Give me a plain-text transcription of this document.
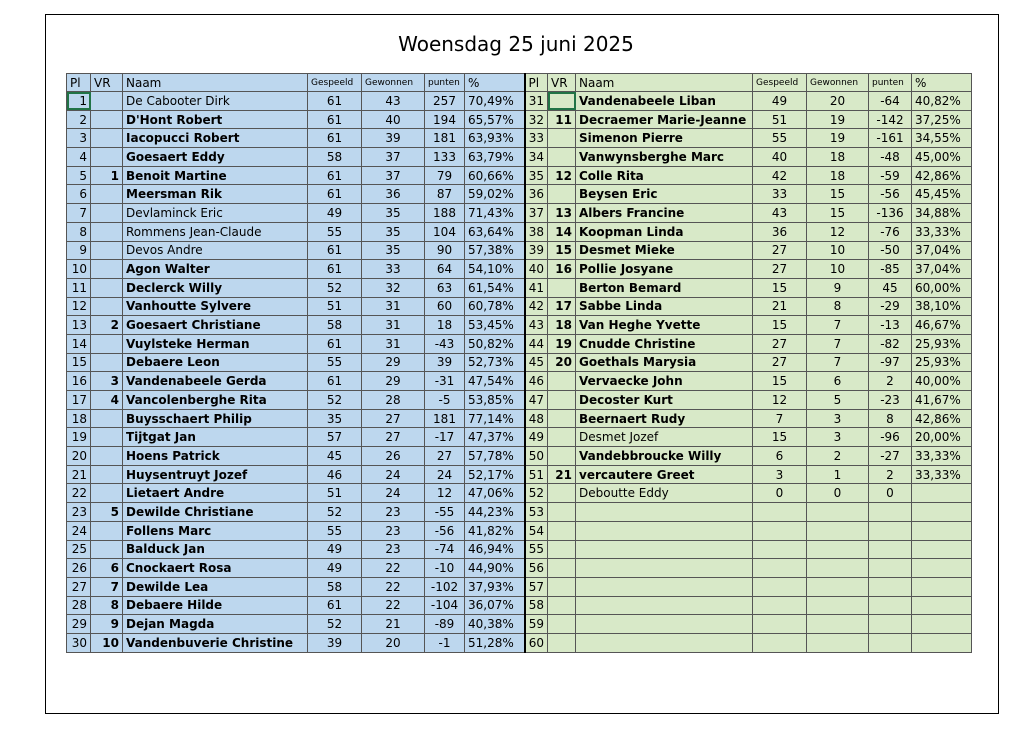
Woensdag 25 juni 2025
Pl	VR	Naam	Gespeeld	Gewonnen	punten	%	Pl	VR	Naam	Gespeeld	Gewonnen	punten	%
1		De Cabooter Dirk	61	43	257	70,49%	31		Vandenabeele Liban	49	20	-64	40,82%
2		D'Hont Robert	61	40	194	65,57%	32	11	Decraemer Marie-Jeanne	51	19	-142	37,25%
3		Iacopucci Robert	61	39	181	63,93%	33		Simenon Pierre	55	19	-161	34,55%
4		Goesaert Eddy	58	37	133	63,79%	34		Vanwynsberghe Marc	40	18	-48	45,00%
5	1	Benoit Martine	61	37	79	60,66%	35	12	Colle Rita	42	18	-59	42,86%
6		Meersman Rik	61	36	87	59,02%	36		Beysen Eric	33	15	-56	45,45%
7		Devlaminck Eric	49	35	188	71,43%	37	13	Albers Francine	43	15	-136	34,88%
8		Rommens Jean-Claude	55	35	104	63,64%	38	14	Koopman Linda	36	12	-76	33,33%
9		Devos Andre	61	35	90	57,38%	39	15	Desmet Mieke	27	10	-50	37,04%
10		Agon Walter	61	33	64	54,10%	40	16	Pollie Josyane	27	10	-85	37,04%
11		Declerck Willy	52	32	63	61,54%	41		Berton Bemard	15	9	45	60,00%
12		Vanhoutte Sylvere	51	31	60	60,78%	42	17	Sabbe Linda	21	8	-29	38,10%
13	2	Goesaert Christiane	58	31	18	53,45%	43	18	Van Heghe Yvette	15	7	-13	46,67%
14		Vuylsteke Herman	61	31	-43	50,82%	44	19	Cnudde Christine	27	7	-82	25,93%
15		Debaere Leon	55	29	39	52,73%	45	20	Goethals Marysia	27	7	-97	25,93%
16	3	Vandenabeele Gerda	61	29	-31	47,54%	46		Vervaecke John	15	6	2	40,00%
17	4	Vancolenberghe Rita	52	28	-5	53,85%	47		Decoster Kurt	12	5	-23	41,67%
18		Buysschaert Philip	35	27	181	77,14%	48		Beernaert Rudy	7	3	8	42,86%
19		Tijtgat Jan	57	27	-17	47,37%	49		Desmet Jozef	15	3	-96	20,00%
20		Hoens Patrick	45	26	27	57,78%	50		Vandebbroucke Willy	6	2	-27	33,33%
21		Huysentruyt Jozef	46	24	24	52,17%	51	21	vercautere Greet	3	1	2	33,33%
22		Lietaert Andre	51	24	12	47,06%	52		Deboutte Eddy	0	0	0	
23	5	Dewilde Christiane	52	23	-55	44,23%	53						
24		Follens Marc	55	23	-56	41,82%	54						
25		Balduck Jan	49	23	-74	46,94%	55						
26	6	Cnockaert Rosa	49	22	-10	44,90%	56						
27	7	Dewilde Lea	58	22	-102	37,93%	57						
28	8	Debaere Hilde	61	22	-104	36,07%	58						
29	9	Dejan Magda	52	21	-89	40,38%	59						
30	10	Vandenbuverie Christine	39	20	-1	51,28%	60						
